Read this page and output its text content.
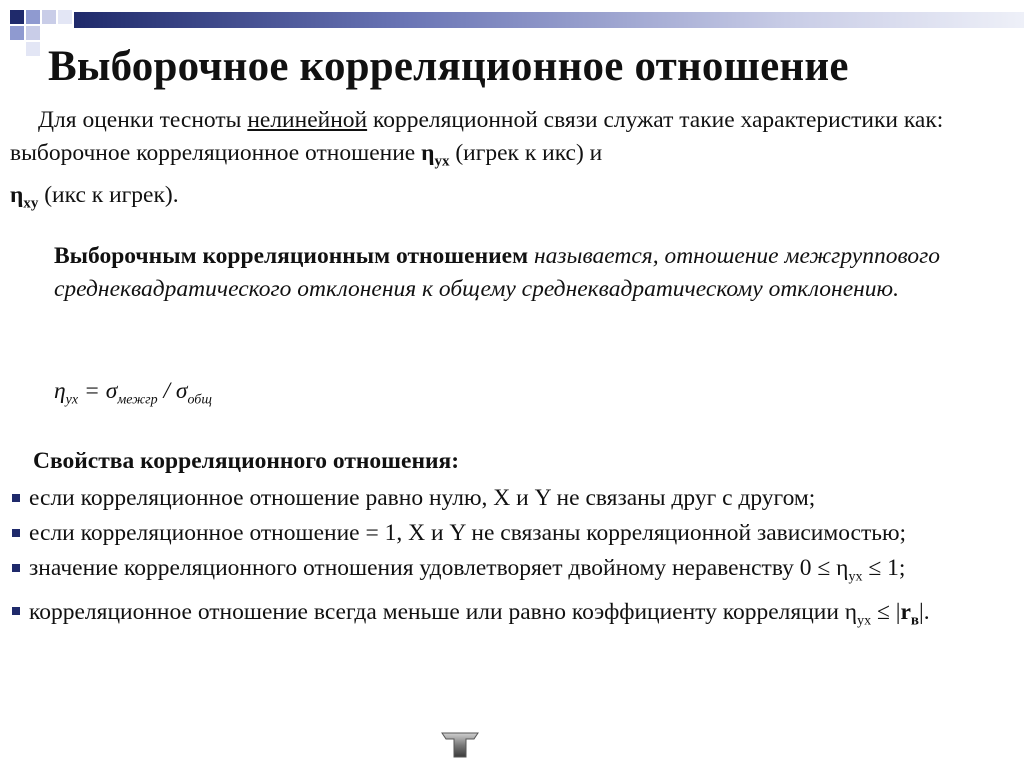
Выборочное корреляционное отношение

Для оценки тесноты нелинейной корреляционной связи служат такие характеристики как: выборочное корреляционное отношение $\eta_{yx}$ (игрек к икс) и
$\eta_{xy}$ (икс к игрек).

Выборочным корреляционным отношением называется, отношение межгруппового
среднеквадратического отклонения к общему среднеквадратическому отклонению.

$\eta_{yx} = \sigma_{межгр} / \sigma_{общ}$

Свойства корреляционного отношения:

если корреляционное отношение равно нулю, X и Y не связаны друг с другом;
если корреляционное отношение = 1, X и Y не связаны корреляционной зависимостью;
значение корреляционного отношения удовлетворяет двойному неравенству $0 \le \eta_{yx} \le 1$;
корреляционное отношение всегда меньше или равно коэффициенту корреляции $\eta_{yx} \le |r_в|$.
